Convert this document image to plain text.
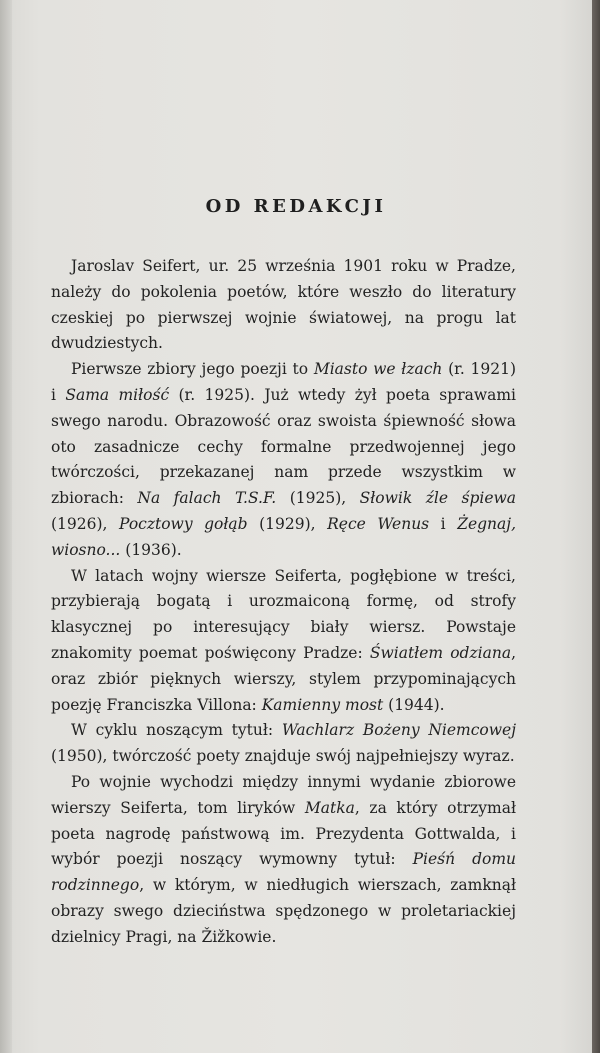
OD REDAKCJI

Jaroslav Seifert, ur. 25 września 1901 roku w Pradze, należy do pokolenia poetów, które weszło do literatury czeskiej po pierwszej wojnie światowej, na progu lat dwudziestych.

Pierwsze zbiory jego poezji to Miasto we łzach (r. 1921) i Sama miłość (r. 1925). Już wtedy żył poeta sprawami swego narodu. Obrazowość oraz swoista śpiewność słowa oto zasadnicze cechy formalne przedwojennej jego twórczości, przekazanej nam przede wszystkim w zbiorach: Na falach T.S.F. (1925), Słowik źle śpiewa (1926), Pocztowy gołąb (1929), Ręce Wenus i Żegnaj, wiosno... (1936).

W latach wojny wiersze Seiferta, pogłębione w treści, przybierają bogatą i urozmaiconą formę, od strofy klasycznej po interesujący biały wiersz. Powstaje znakomity poemat poświęcony Pradze: Światłem odziana, oraz zbiór pięknych wierszy, stylem przypominających poezję Franciszka Villona: Kamienny most (1944).

W cyklu noszącym tytuł: Wachlarz Bożeny Niemcowej (1950), twórczość poety znajduje swój najpełniejszy wyraz.

Po wojnie wychodzi między innymi wydanie zbiorowe wierszy Seiferta, tom liryków Matka, za który otrzymał poeta nagrodę państwową im. Prezydenta Gottwalda, i wybór poezji noszący wymowny tytuł: Pieśń domu rodzinnego, w którym, w niedługich wierszach, zamknął obrazy swego dzieciństwa spędzonego w proletariackiej dzielnicy Pragi, na Žižkowie.
